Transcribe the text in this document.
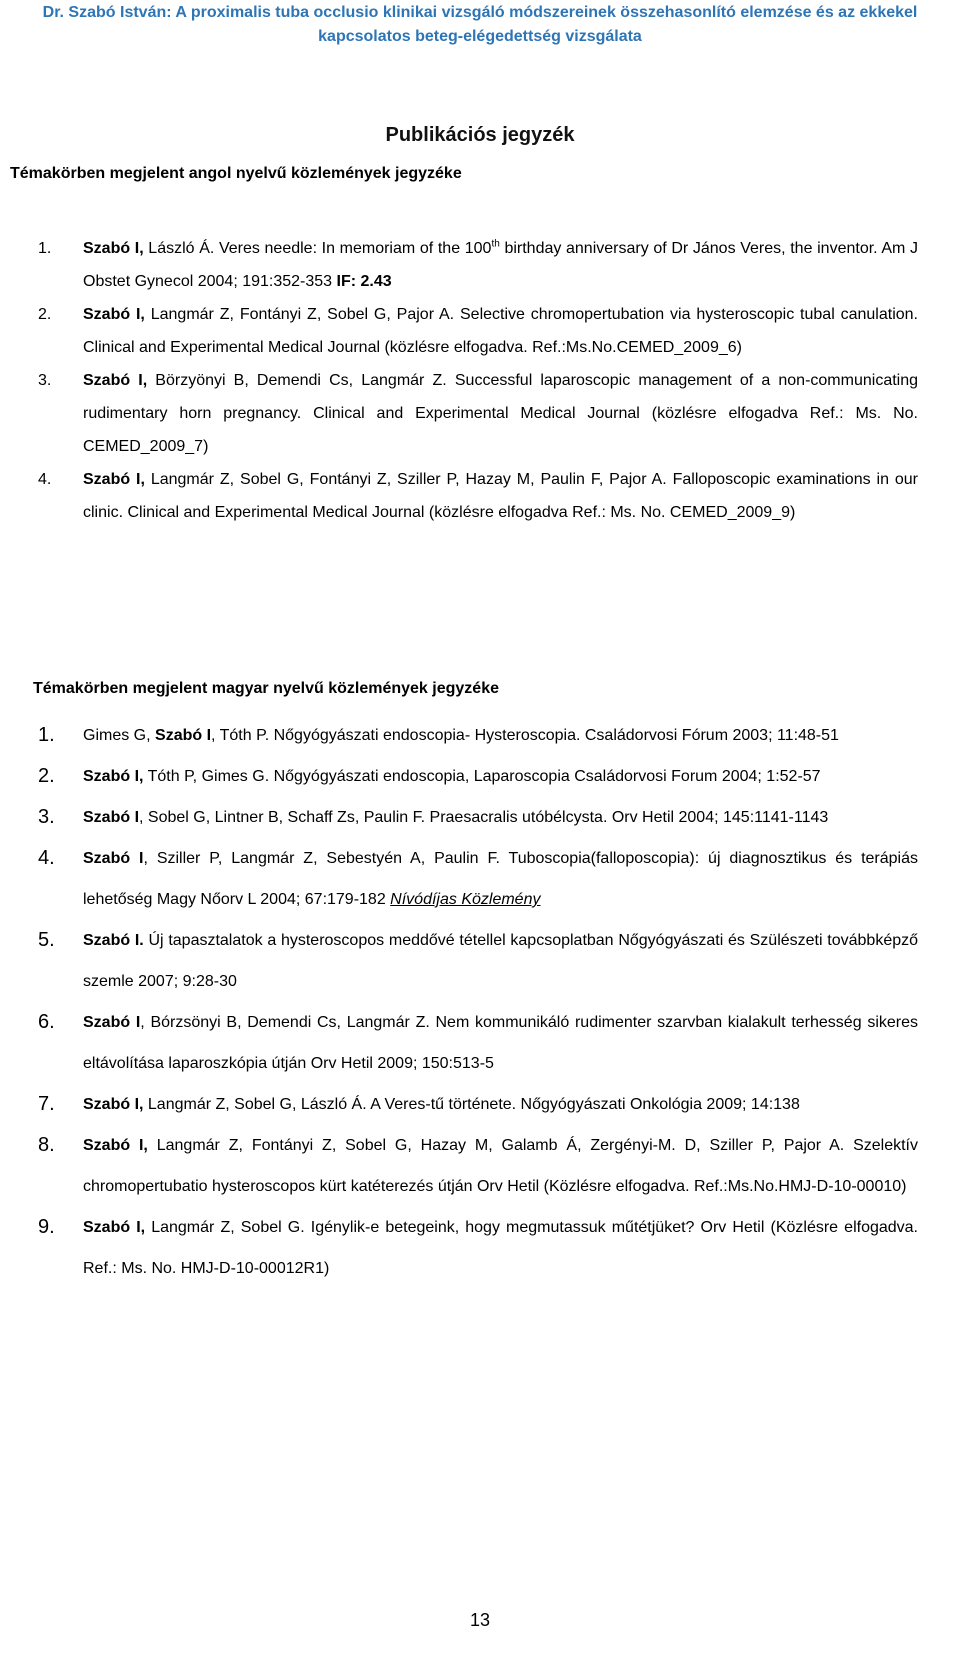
Dr. Szabó István: A proximalis tuba occlusio klinikai vizsgáló módszereinek összehasonlító elemzése és az ekkekel
kapcsolatos beteg-elégedettség vizsgálata
Publikációs jegyzék
Témakörben megjelent angol nyelvű közlemények jegyzéke
1.	Szabó I, László Á. Veres needle: In memoriam of the 100th birthday anniversary of Dr János Veres, the inventor. Am J Obstet Gynecol 2004; 191:352-353 IF: 2.43
2.	Szabó I, Langmár Z, Fontányi Z, Sobel G, Pajor A. Selective chromopertubation via hysteroscopic tubal canulation. Clinical and Experimental Medical Journal (közlésre elfogadva. Ref.:Ms.No.CEMED_2009_6)
3.	Szabó I, Börzyönyi B, Demendi Cs, Langmár Z. Successful laparoscopic management of a non-communicating rudimentary horn pregnancy. Clinical and Experimental Medical Journal (közlésre elfogadva Ref.: Ms. No. CEMED_2009_7)
4.	Szabó I, Langmár Z, Sobel G, Fontányi Z, Sziller P, Hazay M, Paulin F, Pajor A. Falloposcopic examinations in our clinic. Clinical and Experimental Medical Journal (közlésre elfogadva Ref.: Ms. No. CEMED_2009_9)
Témakörben megjelent magyar nyelvű közlemények jegyzéke
1.	Gimes G, Szabó I, Tóth P. Nőgyógyászati endoscopia- Hysteroscopia. Családorvosi Fórum 2003; 11:48-51
2.	Szabó I, Tóth P, Gimes G. Nőgyógyászati endoscopia, Laparoscopia Családorvosi Forum 2004; 1:52-57
3.	Szabó I, Sobel G, Lintner B, Schaff Zs, Paulin F. Praesacralis utóbélcysta. Orv Hetil 2004; 145:1141-1143
4.	Szabó I, Sziller P, Langmár Z, Sebestyén A, Paulin F. Tuboscopia(falloposcopia): új diagnosztikus és terápiás lehetőség Magy Nőorv L 2004; 67:179-182 Nívódíjas Közlemény
5.	Szabó I. Új tapasztalatok a hysteroscopos meddővé tétellel kapcsoplatban Nőgyógyászati és Szülészeti továbbképző szemle 2007; 9:28-30
6.	Szabó I, Bórzsönyi B, Demendi Cs, Langmár Z. Nem kommunikáló rudimenter szarvban kialakult terhesség sikeres eltávolítása laparoszkópia útján Orv Hetil 2009; 150:513-5
7.	Szabó I, Langmár Z, Sobel G, László Á. A Veres-tű története. Nőgyógyászati Onkológia 2009; 14:138
8.	Szabó I, Langmár Z, Fontányi Z, Sobel G, Hazay M, Galamb Á, Zergényi-M. D, Sziller P, Pajor A. Szelektív chromopertubatio hysteroscopos kürt katéterezés útján Orv Hetil (Közlésre elfogadva. Ref.:Ms.No.HMJ-D-10-00010)
9.	Szabó I, Langmár Z, Sobel G. Igénylik-e betegeink, hogy megmutassuk műtétjüket? Orv Hetil (Közlésre elfogadva. Ref.: Ms. No. HMJ-D-10-00012R1)
13
